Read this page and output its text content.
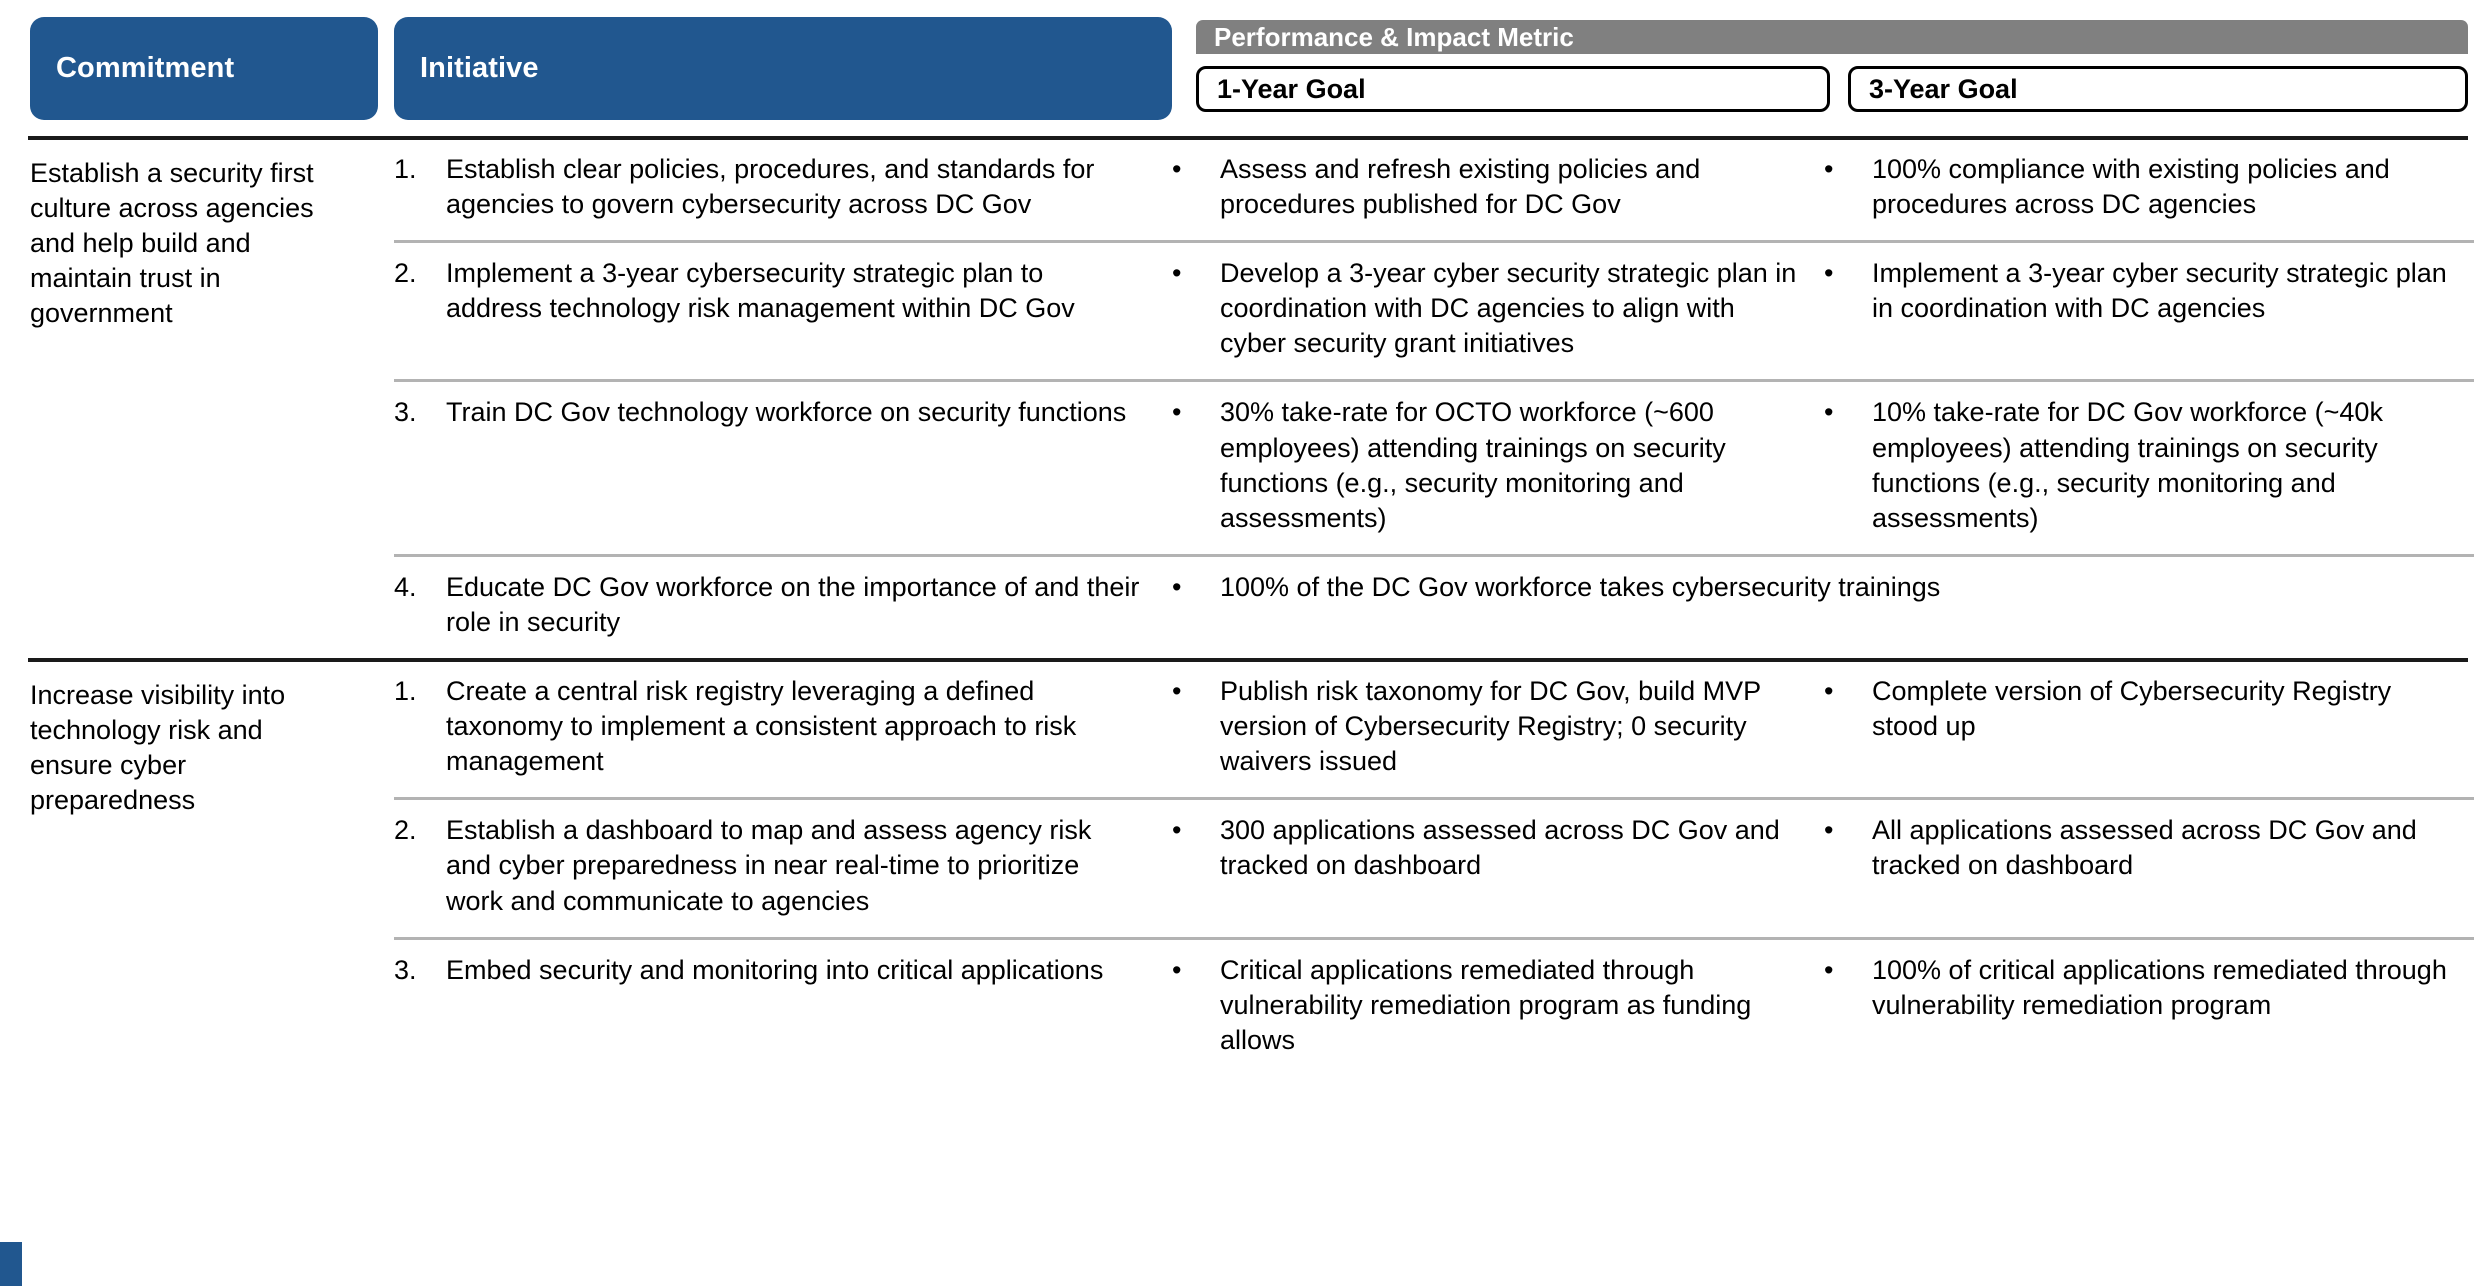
Commitment	Initiative
Performance & Impact Metric
1-Year Goal	3-Year Goal
Establish a security first culture across agencies and help build and maintain trust in government
1.	Establish clear policies, procedures, and standards for agencies to govern cybersecurity across DC Gov
•	Assess and refresh existing policies and procedures published for DC Gov
•	100% compliance with existing policies and procedures across DC agencies
2.	Implement a 3-year cybersecurity strategic plan to address technology risk management within DC Gov
•	Develop a 3-year cyber security strategic plan in coordination with DC agencies to align with cyber security grant initiatives
•	Implement a 3-year cyber security strategic plan in coordination with DC agencies
3.	Train DC Gov technology workforce on security functions •	30% take-rate for OCTO workforce (~600 employees) attending trainings on security functions (e.g., security monitoring and assessments)
•	10% take-rate for DC Gov workforce (~40k employees) attending trainings on security functions (e.g., security monitoring and assessments)
4.	Educate DC Gov workforce on the importance of and their role in security
•	100% of the DC Gov workforce takes cybersecurity trainings
Increase visibility into technology risk and ensure cyber preparedness
1.	Create a central risk registry leveraging a defined taxonomy to implement a consistent approach to risk management
•	Publish risk taxonomy for DC Gov, build MVP version of Cybersecurity Registry; 0 security waivers issued
•	Complete version of Cybersecurity Registry stood up
2.	Establish a dashboard to map and assess agency risk and cyber preparedness in near real-time to prioritize work and communicate to agencies
•	300 applications assessed across DC Gov and tracked on dashboard
•	All applications assessed across DC Gov and tracked on dashboard
3.	Embed security and monitoring into critical applications	•	Critical applications remediated through vulnerability remediation program as funding allows
•	100% of critical applications remediated through vulnerability remediation program
